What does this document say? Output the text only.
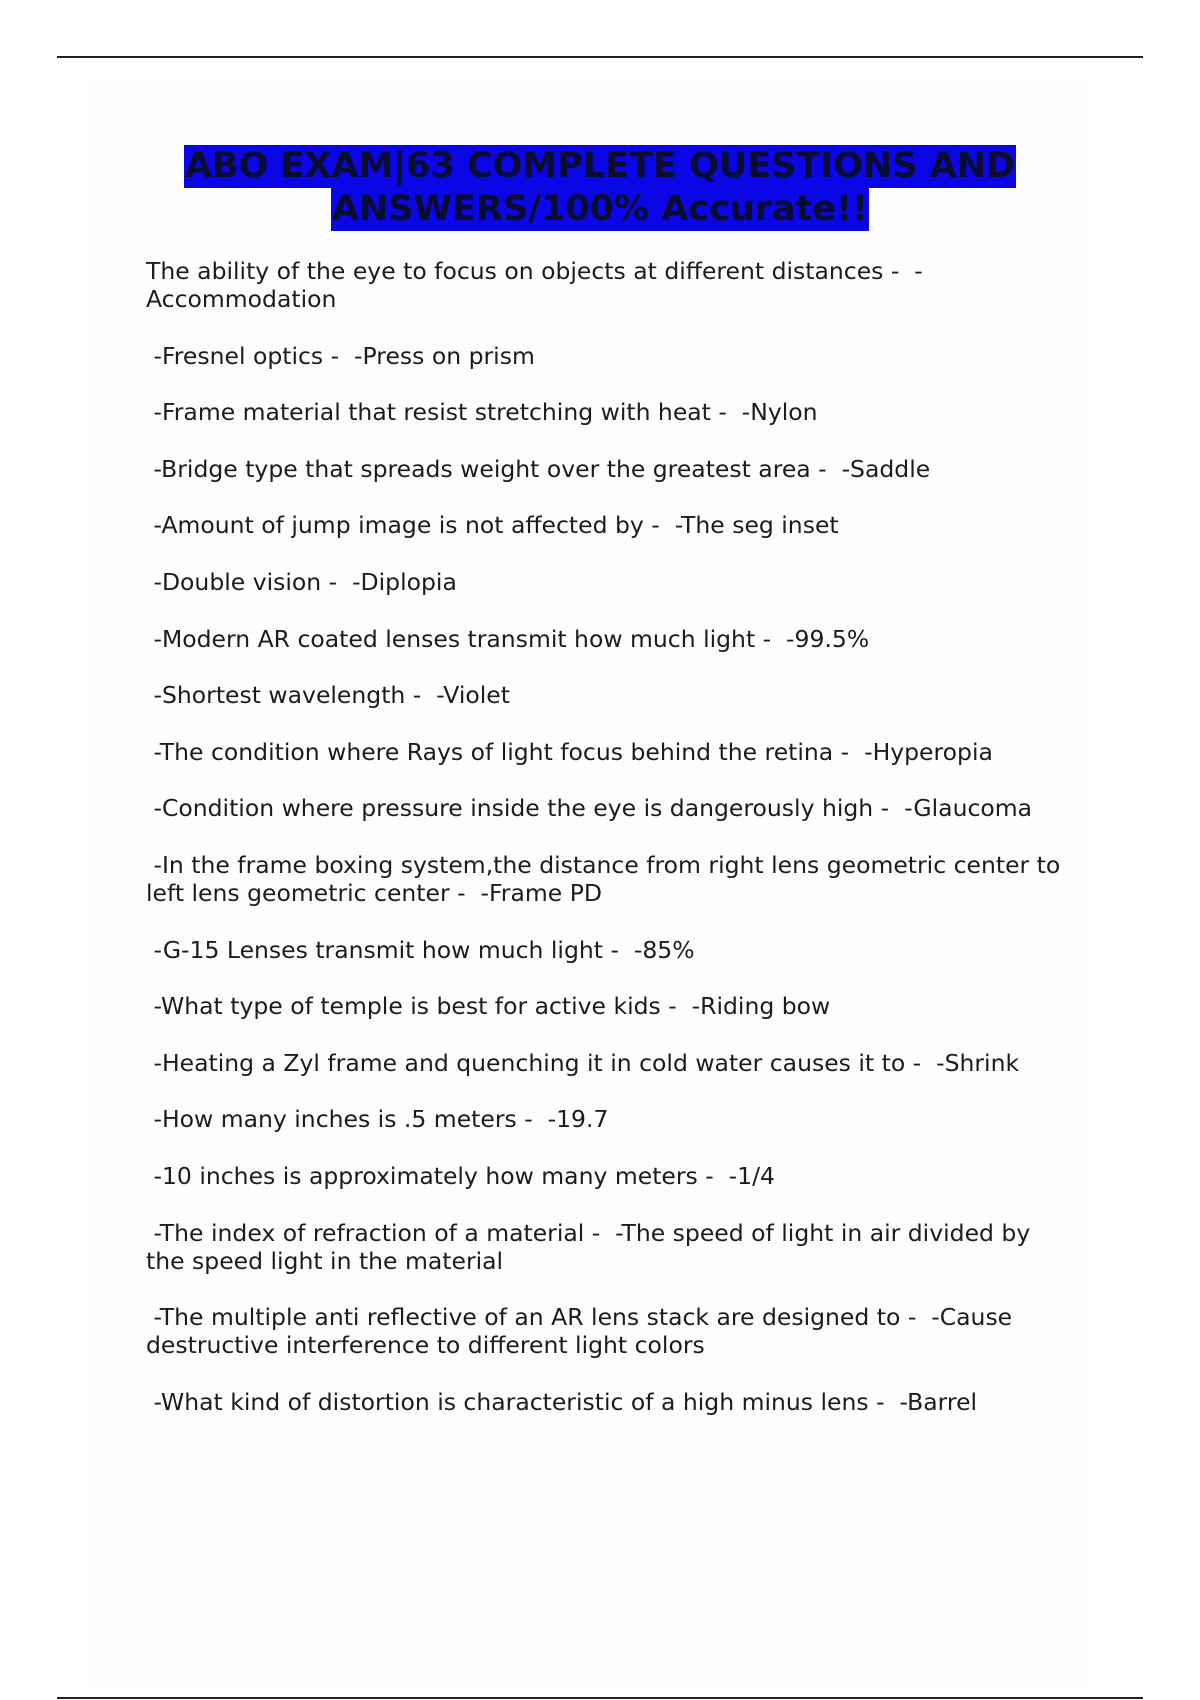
ABO EXAM|63 COMPLETE QUESTIONS AND
ANSWERS/100% Accurate!!
The ability of the eye to focus on objects at different distances -  -
Accommodation
-Fresnel optics -  -Press on prism
-Frame material that resist stretching with heat -  -Nylon
-Bridge type that spreads weight over the greatest area -  -Saddle
-Amount of jump image is not affected by -  -The seg inset
-Double vision -  -Diplopia
-Modern AR coated lenses transmit how much light -  -99.5%
-Shortest wavelength -  -Violet
-The condition where Rays of light focus behind the retina -  -Hyperopia
-Condition where pressure inside the eye is dangerously high -  -Glaucoma
-In the frame boxing system,the distance from right lens geometric center to
left lens geometric center -  -Frame PD
-G-15 Lenses transmit how much light -  -85%
-What type of temple is best for active kids -  -Riding bow
-Heating a Zyl frame and quenching it in cold water causes it to -  -Shrink
-How many inches is .5 meters -  -19.7
-10 inches is approximately how many meters -  -1/4
-The index of refraction of a material -  -The speed of light in air divided by
the speed light in the material
-The multiple anti reflective of an AR lens stack are designed to -  -Cause
destructive interference to different light colors
-What kind of distortion is characteristic of a high minus lens -  -Barrel
